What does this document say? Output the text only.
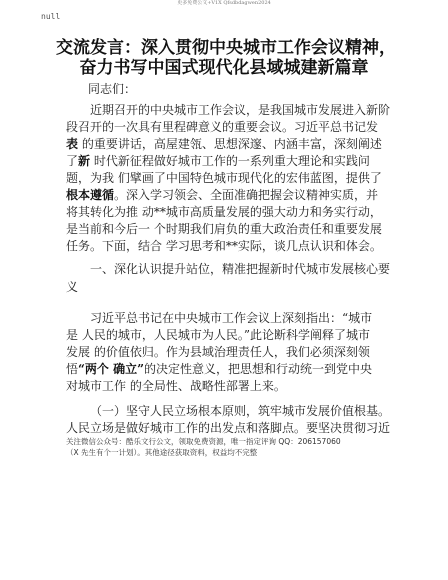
更多免费公文+V1X Qfsdbdagwen2024
null
交流发言：深入贯彻中央城市工作会议精神，
奋力书写中国式现代化县域城建新篇章
同志们：
近期召开的中央城市工作会议，是我国城市发展进入新阶
段召开的一次具有里程碑意义的重要会议。习近平总书记发
表 的重要讲话，高屋建瓴、思想深邃、内涵丰富，深刻阐述
了新 时代新征程做好城市工作的一系列重大理论和实践问
题，为我 们擘画了中国特色城市现代化的宏伟蓝图，提供了
根本遵循。深入学习领会、全面准确把握会议精神实质，并
将其转化为推 动**城市高质量发展的强大动力和务实行动，
是当前和今后一 个时期我们肩负的重大政治责任和重要发展
任务。下面，结合 学习思考和**实际，谈几点认识和体会。
一、深化认识提升站位，精准把握新时代城市发展核心要
义
习近平总书记在中央城市工作会议上深刻指出：“城市
是 人民的城市，人民城市为人民。”此论断科学阐释了城市
发展 的价值依归。作为县域治理责任人，我们必须深刻领
悟“两个 确立”的决定性意义，把思想和行动统一到党中央
对城市工作 的全局性、战略性部署上来。
（一）坚守人民立场根本原则，筑牢城市发展价值根基。
人民立场是做好城市工作的出发点和落脚点。要坚决贯彻习近
关注微信公众号：酷乐文行公文，领取免费资源，唯一指定评询 QQ：206157060
（X 先生有个一计划）。其他途径获取资料，权益均不完整
